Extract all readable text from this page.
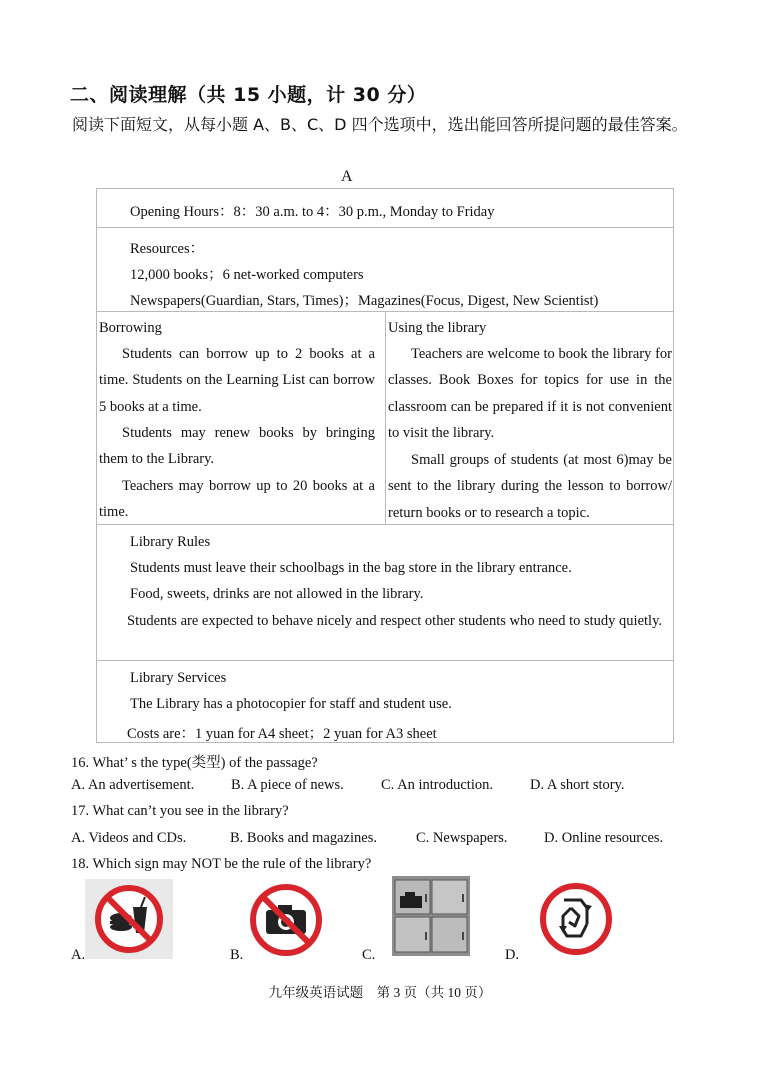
二、阅读理解（共 15 小题，计 30 分）
阅读下面短文，从每小题 A、B、C、D 四个选项中，选出能回答所提问题的最佳答案。
A
Opening Hours：8：30 a.m. to 4：30 p.m., Monday to Friday
Resources：
12,000 books；6 net-worked computers
Newspapers(Guardian, Stars, Times)；Magazines(Focus, Digest, New Scientist)
Borrowing
Students can borrow up to 2 books at a time. Students on the Learning List can borrow 5 books at a time.
Students may renew books by bringing them to the Library.
Teachers may borrow up to 20 books at a time.
Using the library
Teachers are welcome to book the library for classes. Book Boxes for topics for use in the classroom can be prepared if it is not convenient to visit the library.
Small groups of students (at most 6)may be sent to the library during the lesson to borrow/ return books or to research a topic.
Library Rules
Students must leave their schoolbags in the bag store in the library entrance.
Food, sweets, drinks are not allowed in the library.
Students are expected to behave nicely and respect other students who need to study quietly.
Library Services
The Library has a photocopier for staff and student use.
Costs are：1 yuan for A4 sheet；2 yuan for A3 sheet
16. What’ s the type(类型) of the passage?
A. An advertisement.	B. A piece of news.	C. An introduction.	D. A short story.
17. What can’t you see in the library?
A. Videos and CDs.	B. Books and magazines.	C. Newspapers.	D. Online resources.
18. Which sign may NOT be the rule of the library?
A.	B.	C.	D.
九年级英语试题　第 3 页（共 10 页）
